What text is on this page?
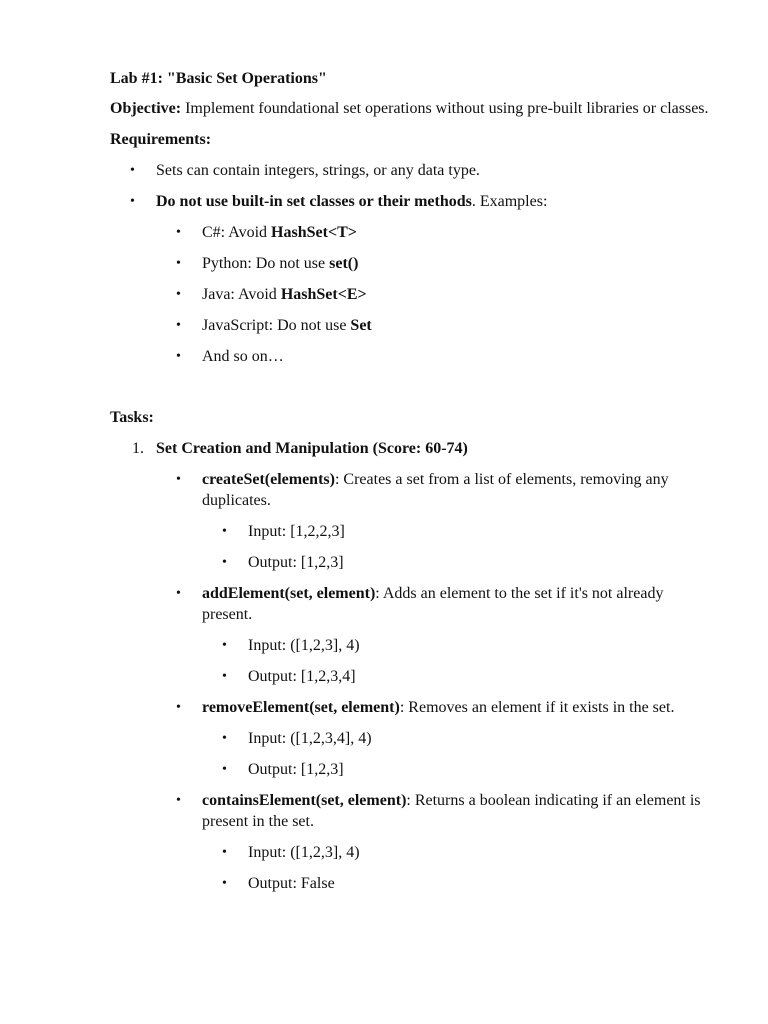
Lab #1: "Basic Set Operations"

Objective: Implement foundational set operations without using pre-built libraries or classes.

Requirements:

• Sets can contain integers, strings, or any data type.
• Do not use built-in set classes or their methods. Examples:
• C#: Avoid HashSet<T>
• Python: Do not use set()
• Java: Avoid HashSet<E>
• JavaScript: Do not use Set
• And so on…

Tasks:

1. Set Creation and Manipulation (Score: 60-74)
• createSet(elements): Creates a set from a list of elements, removing any duplicates.
• Input: [1,2,2,3]
• Output: [1,2,3]
• addElement(set, element): Adds an element to the set if it's not already present.
• Input: ([1,2,3], 4)
• Output: [1,2,3,4]
• removeElement(set, element): Removes an element if it exists in the set.
• Input: ([1,2,3,4], 4)
• Output: [1,2,3]
• containsElement(set, element): Returns a boolean indicating if an element is present in the set.
• Input: ([1,2,3], 4)
• Output: False
